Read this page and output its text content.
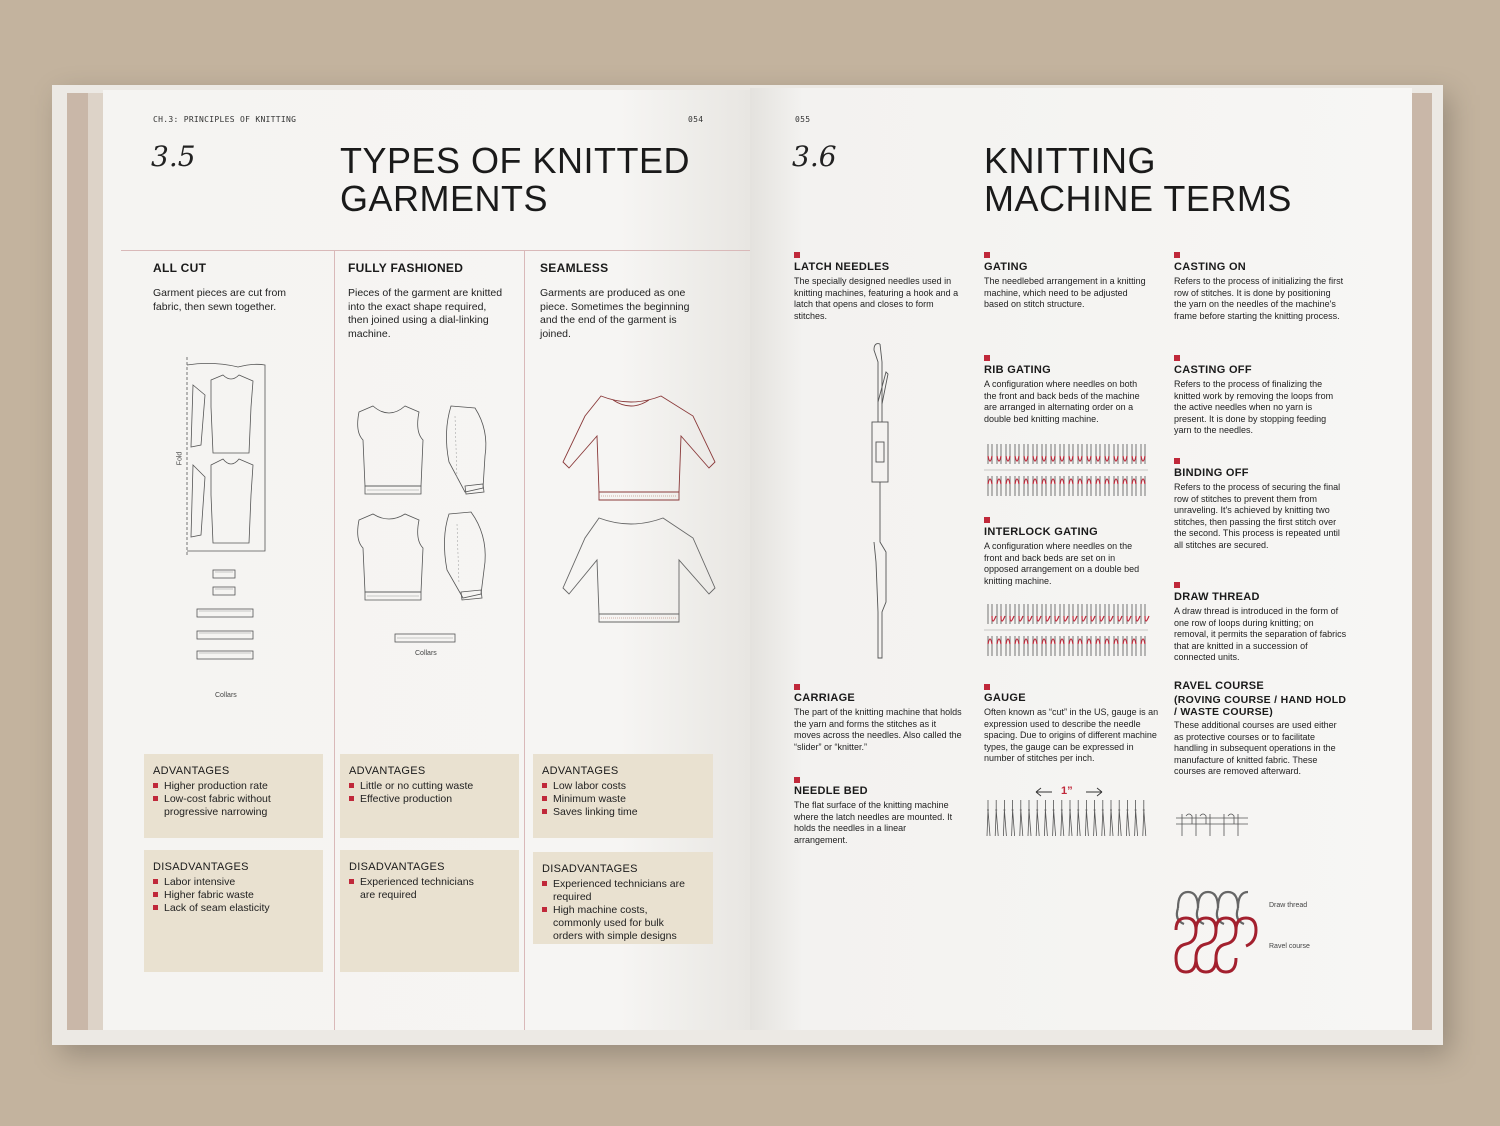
CH.3: PRINCIPLES OF KNITTING	054
3.5	TYPES OF KNITTED GARMENTS
ALL CUT
Garment pieces are cut from fabric, then sewn together.
Fold
Collars
ADVANTAGES
Higher production rate
Low-cost fabric without progressive narrowing
DISADVANTAGES
Labor intensive
Higher fabric waste
Lack of seam elasticity
FULLY FASHIONED
Pieces of the garment are knitted into the exact shape required, then joined using a dial-linking machine.
Collars
ADVANTAGES
Little or no cutting waste
Effective production
DISADVANTAGES
Experienced technicians are required
SEAMLESS
Garments are produced as one piece. Sometimes the beginning and the end of the garment is joined.
ADVANTAGES
Low labor costs
Minimum waste
Saves linking time
DISADVANTAGES
Experienced technicians are required
High machine costs, commonly used for bulk orders with simple designs
055
3.6	KNITTING MACHINE TERMS
LATCH NEEDLES
The specially designed needles used in knitting machines, featuring a hook and a latch that opens and closes to form stitches.
CARRIAGE
The part of the knitting machine that holds the yarn and forms the stitches as it moves across the needles. Also called the “slider” or “knitter.”
NEEDLE BED
The flat surface of the knitting machine where the latch needles are mounted. It holds the needles in a linear arrangement.
GATING
The needlebed arrangement in a knitting machine, which need to be adjusted based on stitch structure.
RIB GATING
A configuration where needles on both the front and back beds of the machine are arranged in alternating order on a double bed knitting machine.
INTERLOCK GATING
A configuration where needles on the front and back beds are set on in opposed arrangement on a double bed knitting machine.
GAUGE
Often known as “cut” in the US, gauge is an expression used to describe the needle spacing. Due to origins of different machine types, the gauge can be expressed in number of stitches per inch.
1”
CASTING ON
Refers to the process of initializing the first row of stitches. It is done by positioning the yarn on the needles of the machine's frame before starting the knitting process.
CASTING OFF
Refers to the process of finalizing the knitted work by removing the loops from the active needles when no yarn is present. It is done by stopping feeding yarn to the needles.
BINDING OFF
Refers to the process of securing the final row of stitches to prevent them from unraveling. It's achieved by knitting two stitches, then passing the first stitch over the second. This process is repeated until all stitches are secured.
DRAW THREAD
A draw thread is introduced in the form of one row of loops during knitting; on removal, it permits the separation of fabrics that are knitted in a succession of connected units.
RAVEL COURSE
(ROVING COURSE / HAND HOLD / WASTE COURSE)
These additional courses are used either as protective courses or to facilitate handling in subsequent operations in the manufacture of knitted fabric. These courses are removed afterward.
Draw thread
Ravel course
